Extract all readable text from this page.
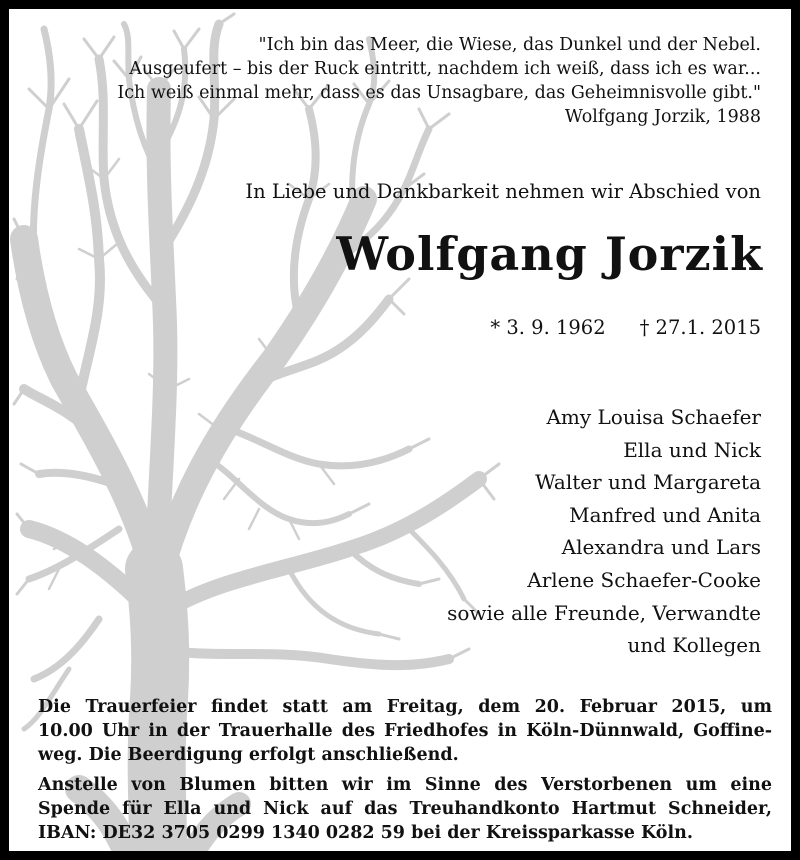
"Ich bin das Meer, die Wiese, das Dunkel und der Nebel.
Ausgeufert – bis der Ruck eintritt, nachdem ich weiß, dass ich es war...
Ich weiß einmal mehr, dass es das Unsagbare, das Geheimnisvolle gibt."
Wolfgang Jorzik, 1988
In Liebe und Dankbarkeit nehmen wir Abschied von
Wolfgang Jorzik
* 3. 9. 1962 † 27.1. 2015
Amy Louisa Schaefer
Ella und Nick
Walter und Margareta
Manfred und Anita
Alexandra und Lars
Arlene Schaefer-Cooke
sowie alle Freunde, Verwandte
und Kollegen
Die Trauerfeier findet statt am Freitag, dem 20. Februar 2015, um
10.00 Uhr in der Trauerhalle des Friedhofes in Köln-Dünnwald, Goffine-
weg. Die Beerdigung erfolgt anschließend.
Anstelle von Blumen bitten wir im Sinne des Verstorbenen um eine
Spende für Ella und Nick auf das Treuhandkonto Hartmut Schneider,
IBAN: DE32 3705 0299 1340 0282 59 bei der Kreissparkasse Köln.
